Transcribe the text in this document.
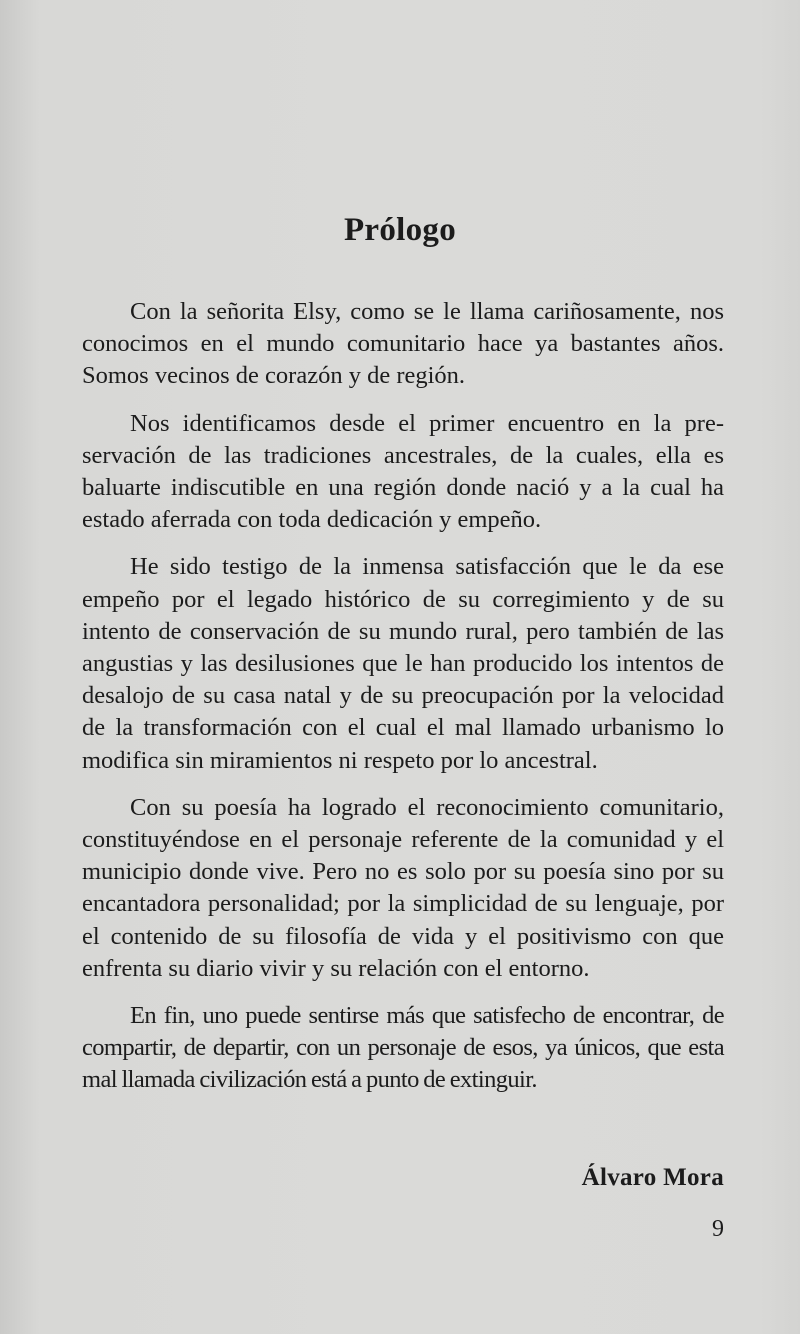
Prólogo

Con la señorita Elsy, como se le llama cariñosamente, nos conocimos en el mundo comunitario hace ya bastantes años. Somos vecinos de corazón y de región.

Nos identificamos desde el primer encuentro en la preservación de las tradiciones ancestrales, de la cuales, ella es baluarte indiscutible en una región donde nació y a la cual ha estado aferrada con toda dedicación y empeño.

He sido testigo de la inmensa satisfacción que le da ese empeño por el legado histórico de su corregimiento y de su intento de conservación de su mundo rural, pero también de las angustias y las desilusiones que le han producido los intentos de desalojo de su casa natal y de su preocupación por la velocidad de la transformación con el cual el mal llamado urbanismo lo modifica sin miramientos ni respeto por lo ancestral.

Con su poesía ha logrado el reconocimiento comunitario, constituyéndose en el personaje referente de la comunidad y el municipio donde vive. Pero no es solo por su poesía sino por su encantadora personalidad; por la simplicidad de su lenguaje, por el contenido de su filosofía de vida y el positivismo con que enfrenta su diario vivir y su relación con el entorno.

En fin, uno puede sentirse más que satisfecho de encontrar, de compartir, de departir, con un personaje de esos, ya únicos, que esta mal llamada civilización está a punto de extinguir.

Álvaro Mora
9
